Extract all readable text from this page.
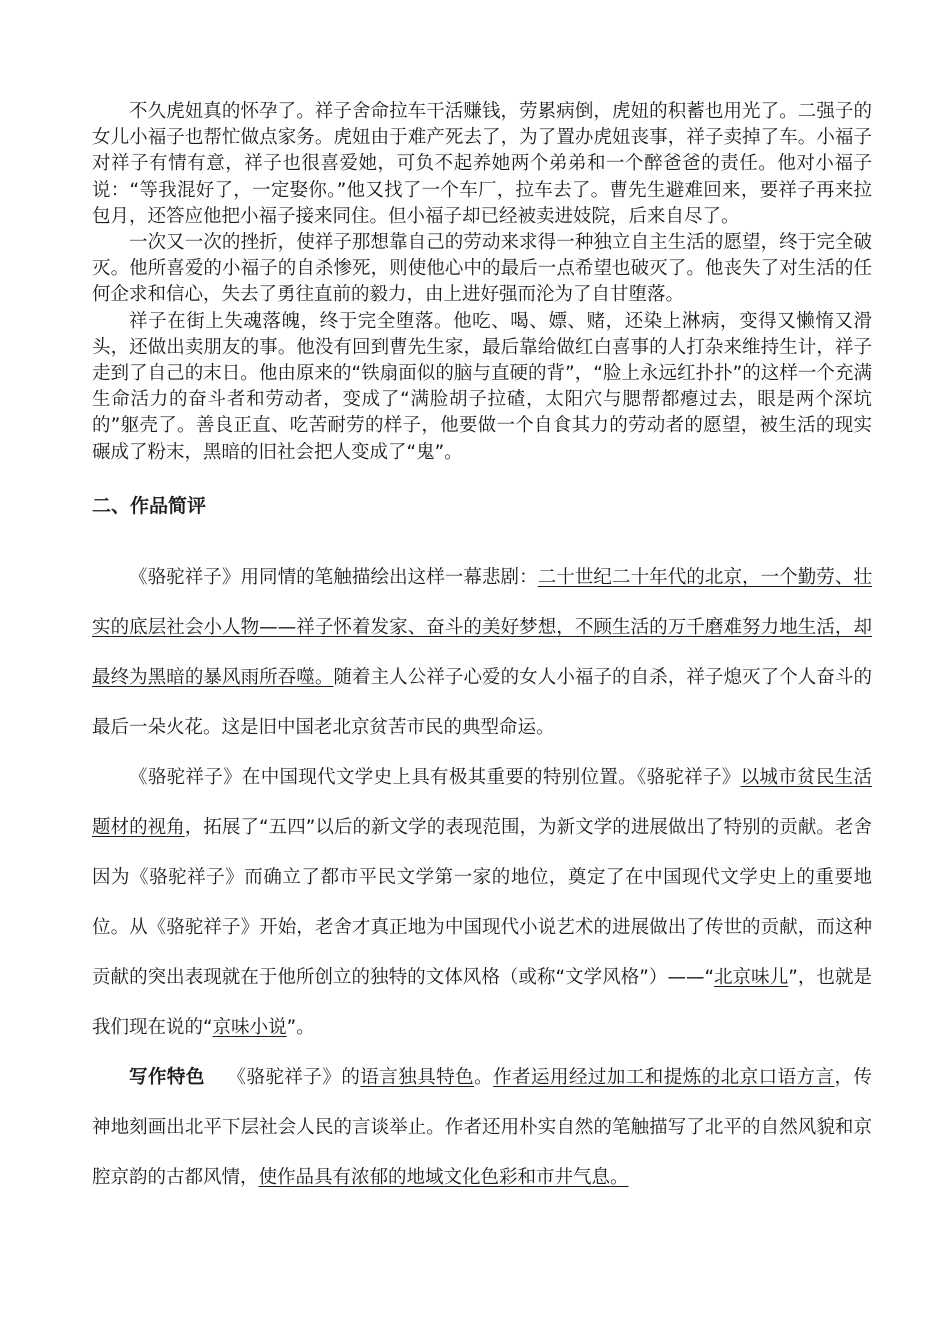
不久虎妞真的怀孕了。祥子舍命拉车干活赚钱，劳累病倒，虎妞的积蓄也用光了。二强子的女儿小福子也帮忙做点家务。虎妞由于难产死去了，为了置办虎妞丧事，祥子卖掉了车。小福子对祥子有情有意，祥子也很喜爱她，可负不起养她两个弟弟和一个醉爸爸的责任。他对小福子说：“等我混好了，一定娶你。”他又找了一个车厂，拉车去了。曹先生避难回来，要祥子再来拉包月，还答应他把小福子接来同住。但小福子却已经被卖进妓院，后来自尽了。

一次又一次的挫折，使祥子那想靠自己的劳动来求得一种独立自主生活的愿望，终于完全破灭。他所喜爱的小福子的自杀惨死，则使他心中的最后一点希望也破灭了。他丧失了对生活的任何企求和信心，失去了勇往直前的毅力，由上进好强而沦为了自甘堕落。

祥子在街上失魂落魄，终于完全堕落。他吃、喝、嫖、赌，还染上淋病，变得又懒惰又滑头，还做出卖朋友的事。他没有回到曹先生家，最后靠给做红白喜事的人打杂来维持生计，祥子走到了自己的末日。他由原来的“铁扇面似的脑与直硬的背”，“脸上永远红扑扑”的这样一个充满生命活力的奋斗者和劳动者，变成了“满脸胡子拉碴，太阳穴与腮帮都瘪过去，眼是两个深坑的”躯壳了。善良正直、吃苦耐劳的样子，他要做一个自食其力的劳动者的愿望，被生活的现实碾成了粉末，黑暗的旧社会把人变成了“鬼”。

二、作品简评

《骆驼祥子》用同情的笔触描绘出这样一幕悲剧：二十世纪二十年代的北京，一个勤劳、壮实的底层社会小人物——祥子怀着发家、奋斗的美好梦想，不顾生活的万千磨难努力地生活，却最终为黑暗的暴风雨所吞噬。随着主人公祥子心爱的女人小福子的自杀，祥子熄灭了个人奋斗的最后一朵火花。这是旧中国老北京贫苦市民的典型命运。

《骆驼祥子》在中国现代文学史上具有极其重要的特别位置。《骆驼祥子》以城市贫民生活题材的视角，拓展了“五四”以后的新文学的表现范围，为新文学的进展做出了特别的贡献。老舍因为《骆驼祥子》而确立了都市平民文学第一家的地位，奠定了在中国现代文学史上的重要地位。从《骆驼祥子》开始，老舍才真正地为中国现代小说艺术的进展做出了传世的贡献，而这种贡献的突出表现就在于他所创立的独特的文体风格（或称“文学风格”）——“北京味儿”，也就是我们现在说的“京味小说”。

写作特色 《骆驼祥子》的语言独具特色。作者运用经过加工和提炼的北京口语方言，传神地刻画出北平下层社会人民的言谈举止。作者还用朴实自然的笔触描写了北平的自然风貌和京腔京韵的古都风情，使作品具有浓郁的地域文化色彩和市井气息。
